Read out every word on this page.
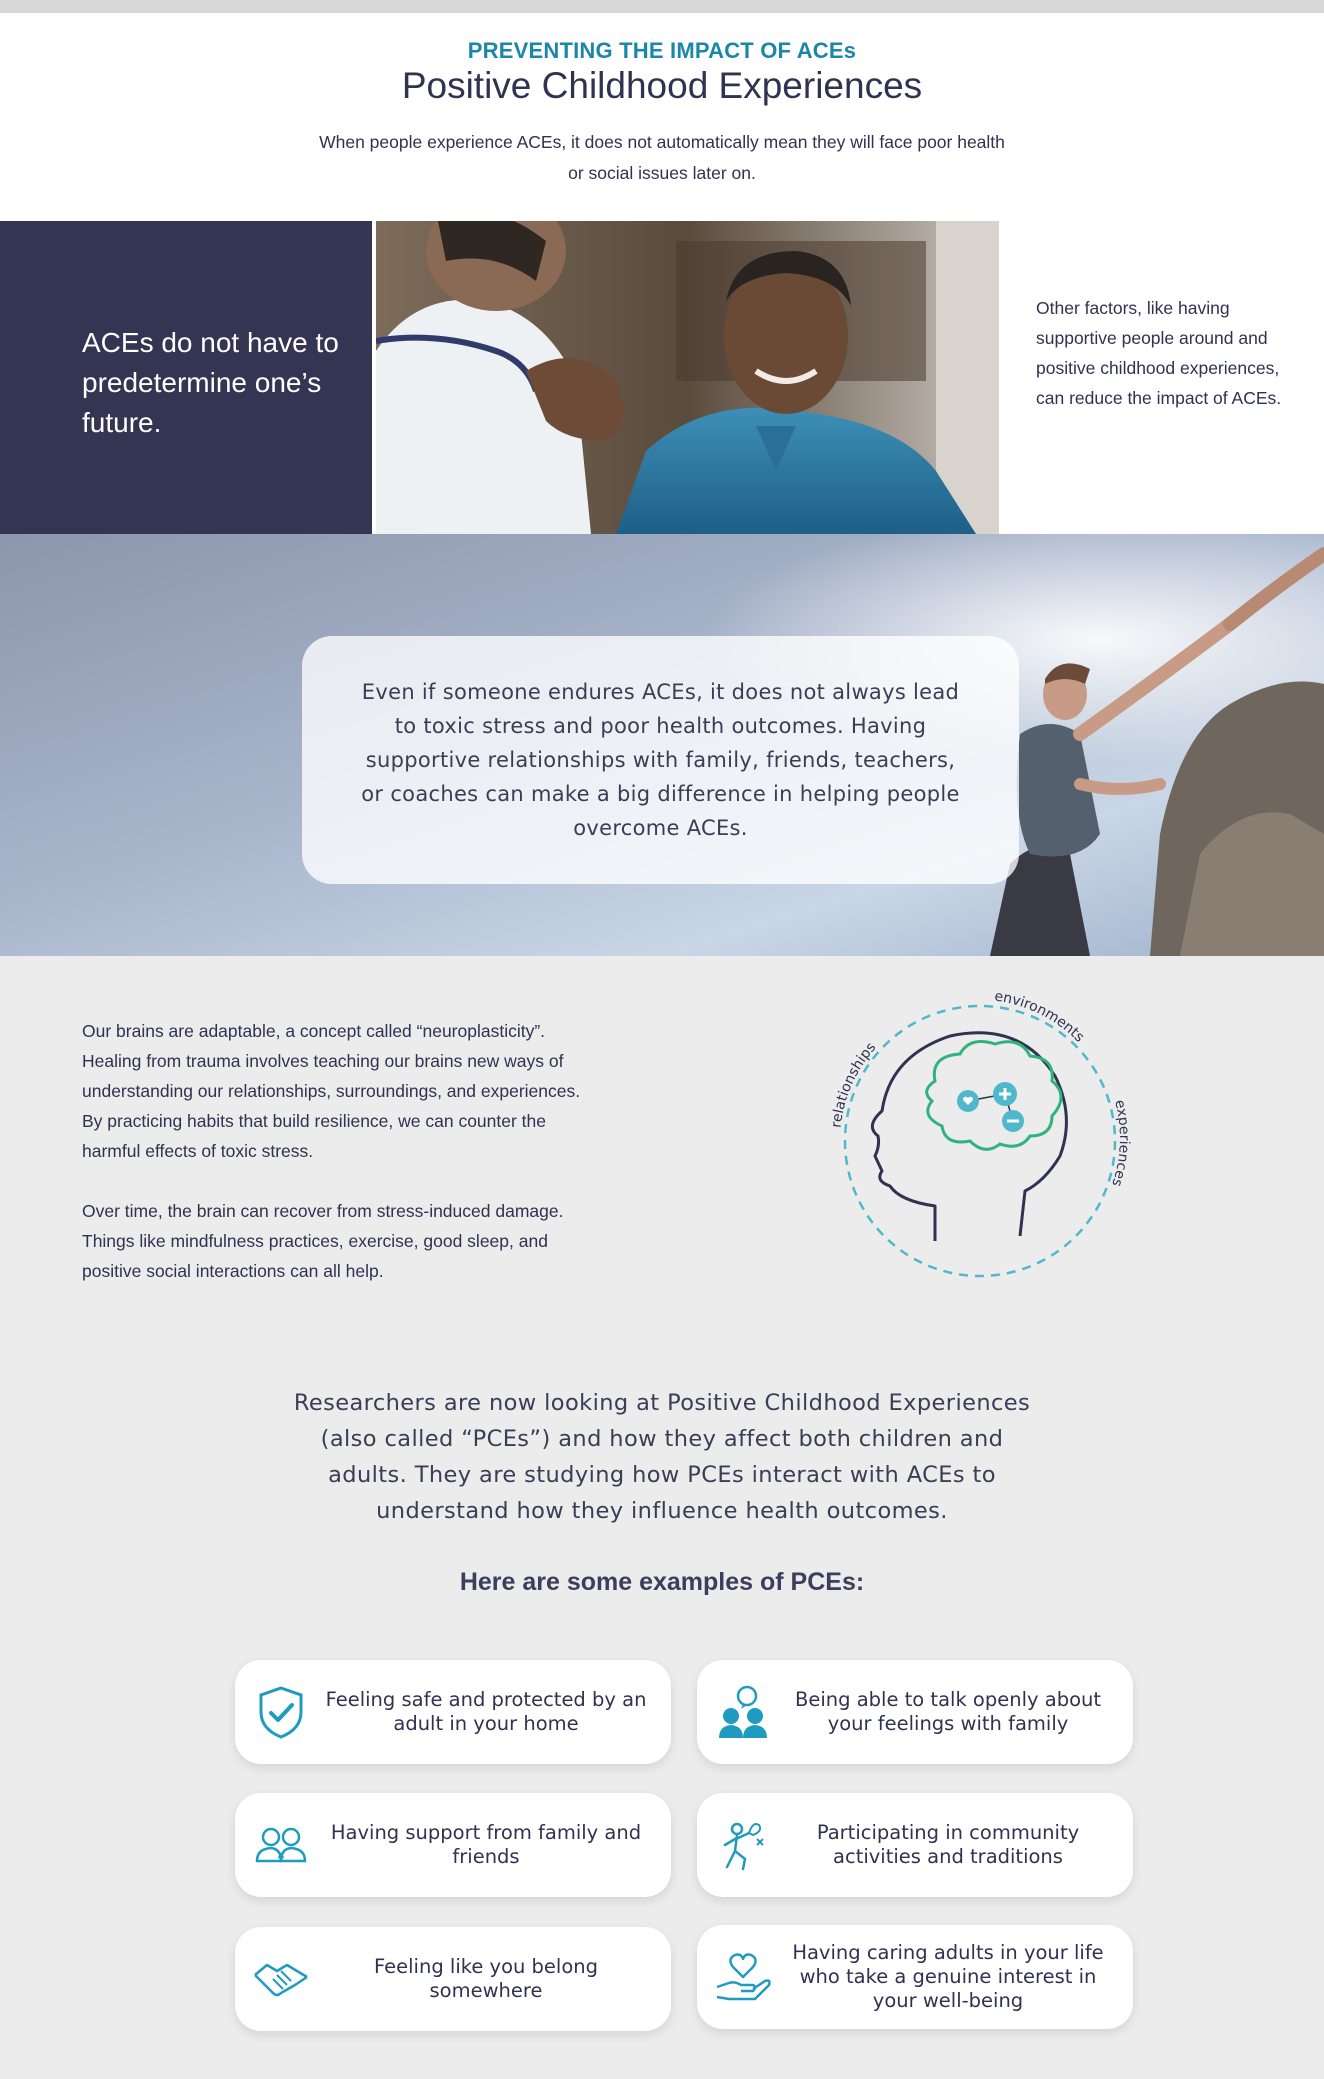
PREVENTING THE IMPACT OF ACEs
Positive Childhood Experiences

When people experience ACEs, it does not automatically mean they will face poor health or social issues later on.

ACEs do not have to predetermine one’s future.
Other factors, like having supportive people around and positive childhood experiences, can reduce the impact of ACEs.

Even if someone endures ACEs, it does not always lead to toxic stress and poor health outcomes. Having supportive relationships with family, friends, teachers, or coaches can make a big difference in helping people overcome ACEs.

Our brains are adaptable, a concept called “neuroplasticity”. Healing from trauma involves teaching our brains new ways of understanding our relationships, surroundings, and experiences. By practicing habits that build resilience, we can counter the harmful effects of toxic stress.

Over time, the brain can recover from stress-induced damage. Things like mindfulness practices, exercise, good sleep, and positive social interactions can all help.

relationships
environments
experiences

Researchers are now looking at Positive Childhood Experiences (also called “PCEs”) and how they affect both children and adults. They are studying how PCEs interact with ACEs to understand how they influence health outcomes.

Here are some examples of PCEs:
Feeling safe and protected by an adult in your home
Being able to talk openly about your feelings with family
Having support from family and friends
Participating in community activities and traditions
Feeling like you belong somewhere
Having caring adults in your life who take a genuine interest in your well-being
